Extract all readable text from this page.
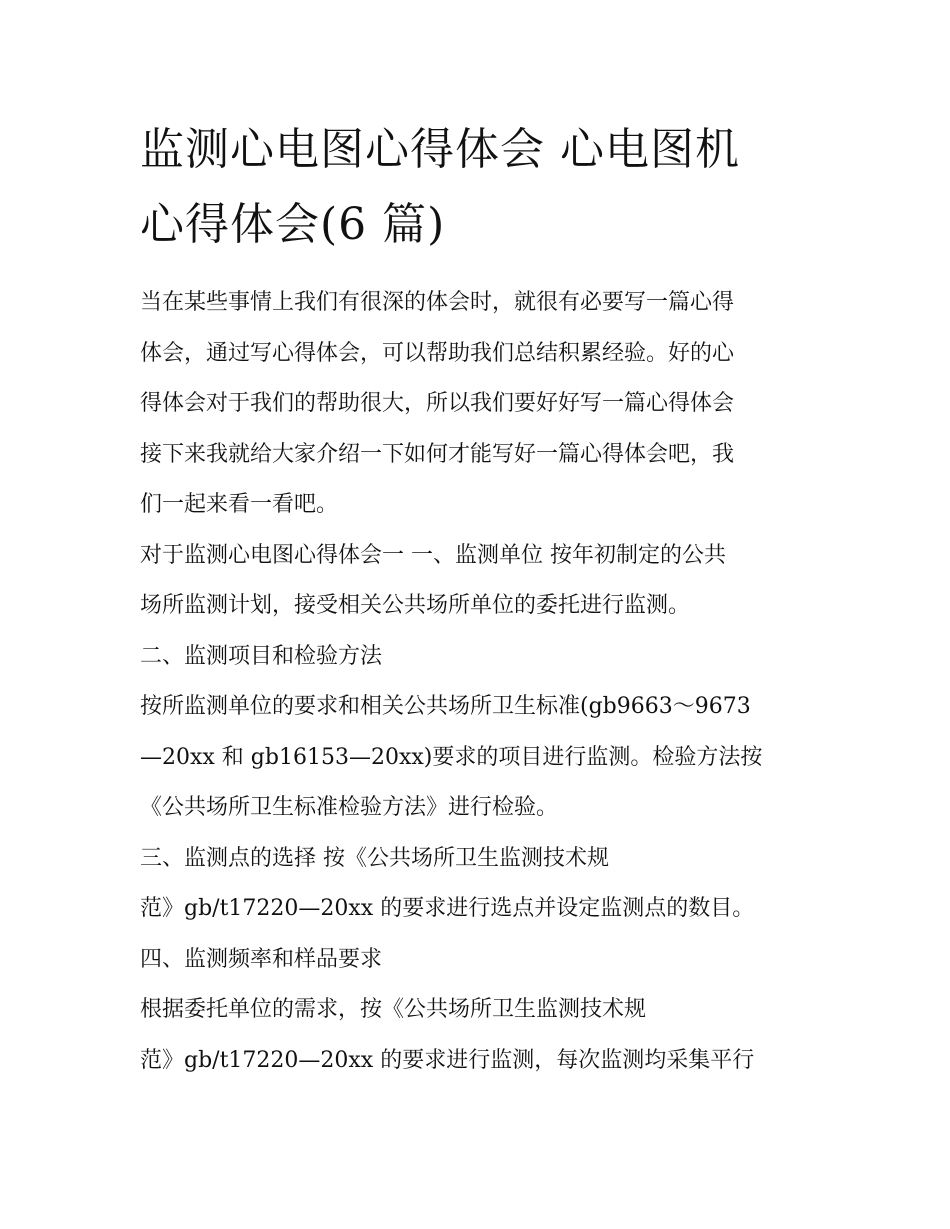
监测心电图心得体会 心电图机
心得体会(6 篇)
当在某些事情上我们有很深的体会时，就很有必要写一篇心得
体会，通过写心得体会，可以帮助我们总结积累经验。好的心
得体会对于我们的帮助很大，所以我们要好好写一篇心得体会
接下来我就给大家介绍一下如何才能写好一篇心得体会吧，我
们一起来看一看吧。
对于监测心电图心得体会一 一、监测单位 按年初制定的公共
场所监测计划，接受相关公共场所单位的委托进行监测。
二、监测项目和检验方法
按所监测单位的要求和相关公共场所卫生标准(gb9663～9673
—20xx 和 gb16153—20xx)要求的项目进行监测。检验方法按
《公共场所卫生标准检验方法》进行检验。
三、监测点的选择 按《公共场所卫生监测技术规
范》gb/t17220—20xx 的要求进行选点并设定监测点的数目。
四、监测频率和样品要求
根据委托单位的需求，按《公共场所卫生监测技术规
范》gb/t17220—20xx 的要求进行监测，每次监测均采集平行
